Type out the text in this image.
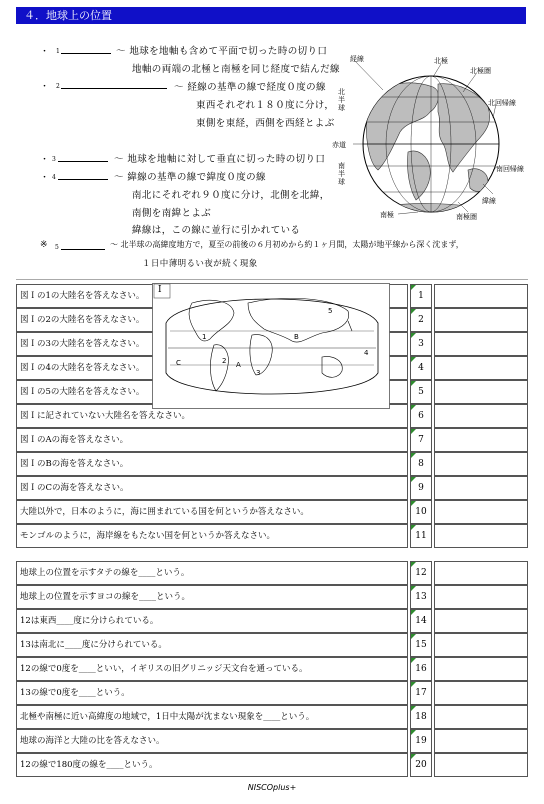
４．地球上の位置
・ 1	～ 地球を地軸も含めて平面で切った時の切り口
地軸の両端の北極と南極を同じ経度で結んだ線
・ 2	～ 経線の基準の線で経度０度の線
東西それぞれ１８０度に分け，
東側を東経，西側を西経とよぶ
・ 3	～ 地球を地軸に対して垂直に切った時の切り口
・ 4	～ 緯線の基準の線で緯度０度の線
南北にそれぞれ９０度に分け，北側を北緯，
南側を南緯とよぶ
緯線は，この線に並行に引かれている
※ 5	～ 北半球の高緯度地方で，夏至の前後の６月初めから約１ヶ月間，太陽が地平線から深く沈まず，
１日中薄明るい夜が続く現象
経線	北極
北極圏
北回帰線
北半球
赤道
南半球
南回帰線
緯線
南極	南極圏
図Ｉの1の大陸名を答えなさい。	1
図Ｉの2の大陸名を答えなさい。	2
図Ｉの3の大陸名を答えなさい。	3
図Ｉの4の大陸名を答えなさい。	4
図Ｉの5の大陸名を答えなさい。	5
図Ｉに記されていない大陸名を答えなさい。	6
図ＩのAの海を答えなさい。	7
図ＩのBの海を答えなさい。	8
図ＩのCの海を答えなさい。	9
大陸以外で，日本のように，海に囲まれている国を何というか答えなさい。	10
モンゴルのように，海岸線をもたない国を何というか答えなさい。	11
I
1
2
3
4
5
A
B
C
地球上の位置を示すタテの線を____という。	12
地球上の位置を示すヨコの線を____という。	13
12は東西____度に分けられている。	14
13は南北に____度に分けられている。	15
12の線で0度を____といい，イギリスの旧グリニッジ天文台を通っている。	16
13の線で0度を____という。	17
北極や南極に近い高緯度の地域で，1日中太陽が沈まない現象を____という。	18
地球の海洋と大陸の比を答えなさい。	19
12の線で180度の線を____という。	20
NISCOplus+
